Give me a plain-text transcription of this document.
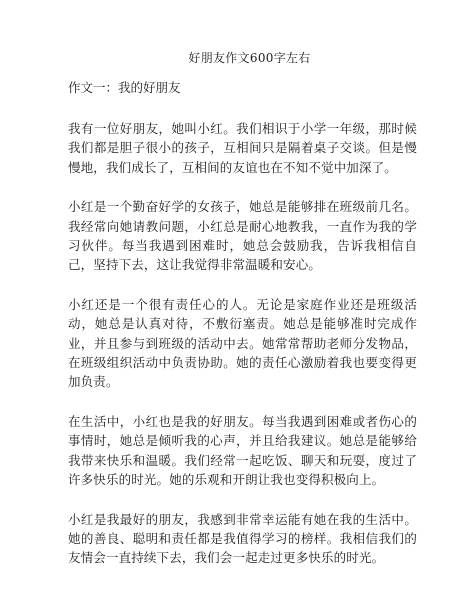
好朋友作文600字左右
作文一：我的好朋友

我有一位好朋友，她叫小红。我们相识于小学一年级，那时候我们都是胆子很小的孩子，互相间只是隔着桌子交谈。但是慢慢地，我们成长了，互相间的友谊也在不知不觉中加深了。

小红是一个勤奋好学的女孩子，她总是能够排在班级前几名。我经常向她请教问题，小红总是耐心地教我，一直作为我的学习伙伴。每当我遇到困难时，她总会鼓励我，告诉我相信自己，坚持下去，这让我觉得非常温暖和安心。

小红还是一个很有责任心的人。无论是家庭作业还是班级活动，她总是认真对待，不敷衍塞责。她总是能够准时完成作业，并且参与到班级的活动中去。她常常帮助老师分发物品，在班级组织活动中负责协助。她的责任心激励着我也要变得更加负责。

在生活中，小红也是我的好朋友。每当我遇到困难或者伤心的事情时，她总是倾听我的心声，并且给我建议。她总是能够给我带来快乐和温暖。我们经常一起吃饭、聊天和玩耍，度过了许多快乐的时光。她的乐观和开朗让我也变得积极向上。

小红是我最好的朋友，我感到非常幸运能有她在我的生活中。她的善良、聪明和责任都是我值得学习的榜样。我相信我们的友情会一直持续下去，我们会一起走过更多快乐的时光。
